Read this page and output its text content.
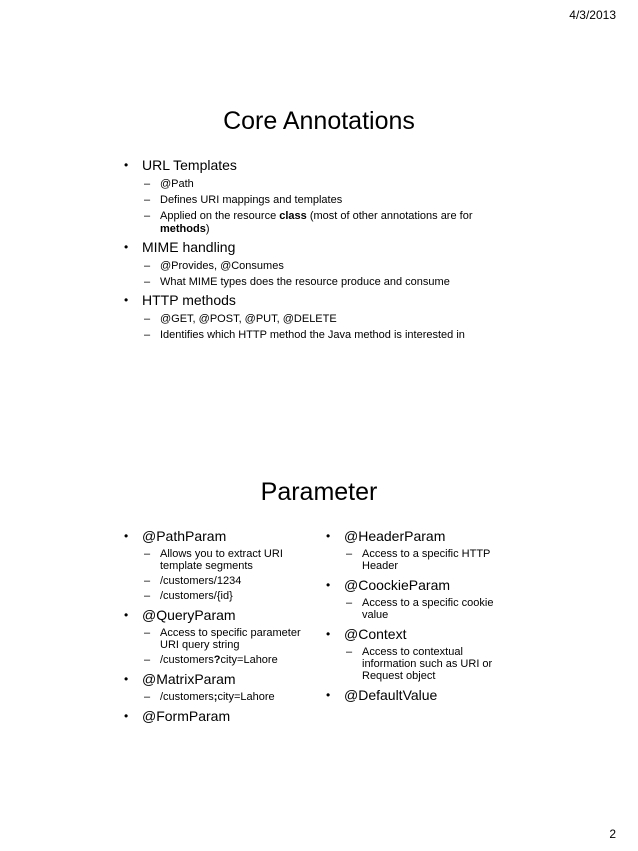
4/3/2013
Core Annotations
• URL Templates
– @Path
– Defines URI mappings and templates
– Applied on the resource class (most of other annotations are for methods)
• MIME handling
– @Provides, @Consumes
– What MIME types does the resource produce and consume
• HTTP methods
– @GET, @POST, @PUT, @DELETE
– Identifies which HTTP method the Java method is interested in
Parameter
• @PathParam
– Allows you to extract URI template segments
– /customers/1234
– /customers/{id}
• @QueryParam
– Access to specific parameter URI query string
– /customers?city=Lahore
• @MatrixParam
– /customers;city=Lahore
• @FormParam
• @HeaderParam
– Access to a specific HTTP Header
• @CoockieParam
– Access to a specific cookie value
• @Context
– Access to contextual information such as URI or Request object
• @DefaultValue
2
